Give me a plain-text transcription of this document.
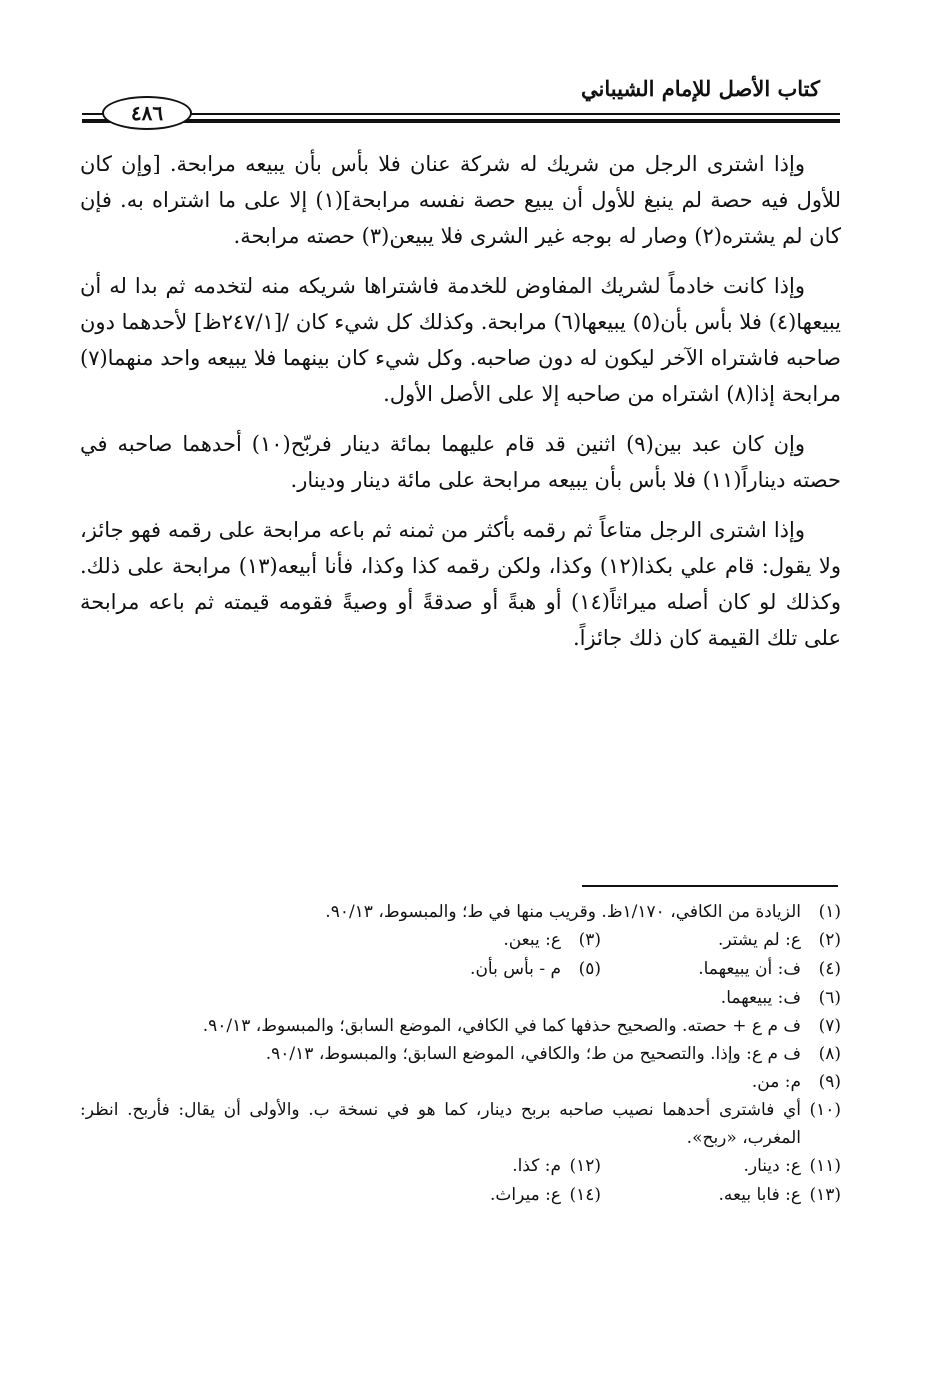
كتاب الأصل للإمام الشيباني
٤٨٦

وإذا اشترى الرجل من شريك له شركة عنان فلا بأس بأن يبيعه مرابحة. [وإن كان للأول فيه حصة لم ينبغ للأول أن يبيع حصة نفسه مرابحة](١) إلا على ما اشتراه به. فإن كان لم يشتره(٢) وصار له بوجه غير الشرى فلا يبيعن(٣) حصته مرابحة.

وإذا كانت خادماً لشريك المفاوض للخدمة فاشتراها شريكه منه لتخدمه ثم بدا له أن يبيعها(٤) فلا بأس بأن(٥) يبيعها(٦) مرابحة. وكذلك كل شيء كان /[٢٤٧/١ظ] لأحدهما دون صاحبه فاشتراه الآخر ليكون له دون صاحبه. وكل شيء كان بينهما فلا يبيعه واحد منهما(٧) مرابحة إذا(٨) اشتراه من صاحبه إلا على الأصل الأول.

وإن كان عبد بين(٩) اثنين قد قام عليهما بمائة دينار فربّح(١٠) أحدهما صاحبه في حصته ديناراً(١١) فلا بأس بأن يبيعه مرابحة على مائة دينار ودينار.

وإذا اشترى الرجل متاعاً ثم رقمه بأكثر من ثمنه ثم باعه مرابحة على رقمه فهو جائز، ولا يقول: قام علي بكذا(١٢) وكذا، ولكن رقمه كذا وكذا، فأنا أبيعه(١٣) مرابحة على ذلك. وكذلك لو كان أصله ميراثاً(١٤) أو هبةً أو صدقةً أو وصيةً فقومه قيمته ثم باعه مرابحة على تلك القيمة كان ذلك جائزاً.

(١)
الزيادة من الكافي، ١/١٧٠ظ. وقريب منها في ط؛ والمبسوط، ٩٠/١٣.
(٢)
ع: لم يشتر.
(٣)
ع: يبعن.
(٤)
ف: أن يبيعهما.
(٥)
م - بأس بأن.
(٦)
ف: يبيعهما.
(٧)
ف م ع + حصته. والصحيح حذفها كما في الكافي، الموضع السابق؛ والمبسوط، ٩٠/١٣.
(٨)
ف م ع: وإذا. والتصحيح من ط؛ والكافي، الموضع السابق؛ والمبسوط، ٩٠/١٣.
(٩)
م: من.
(١٠)
أي فاشترى أحدهما نصيب صاحبه بربح دينار، كما هو في نسخة ب. والأولى أن يقال: فأربح. انظر: المغرب، «ربح».
(١١)
ع: دينار.
(١٢)
م: كذا.
(١٣)
ع: فابا بيعه.
(١٤)
ع: ميراث.
